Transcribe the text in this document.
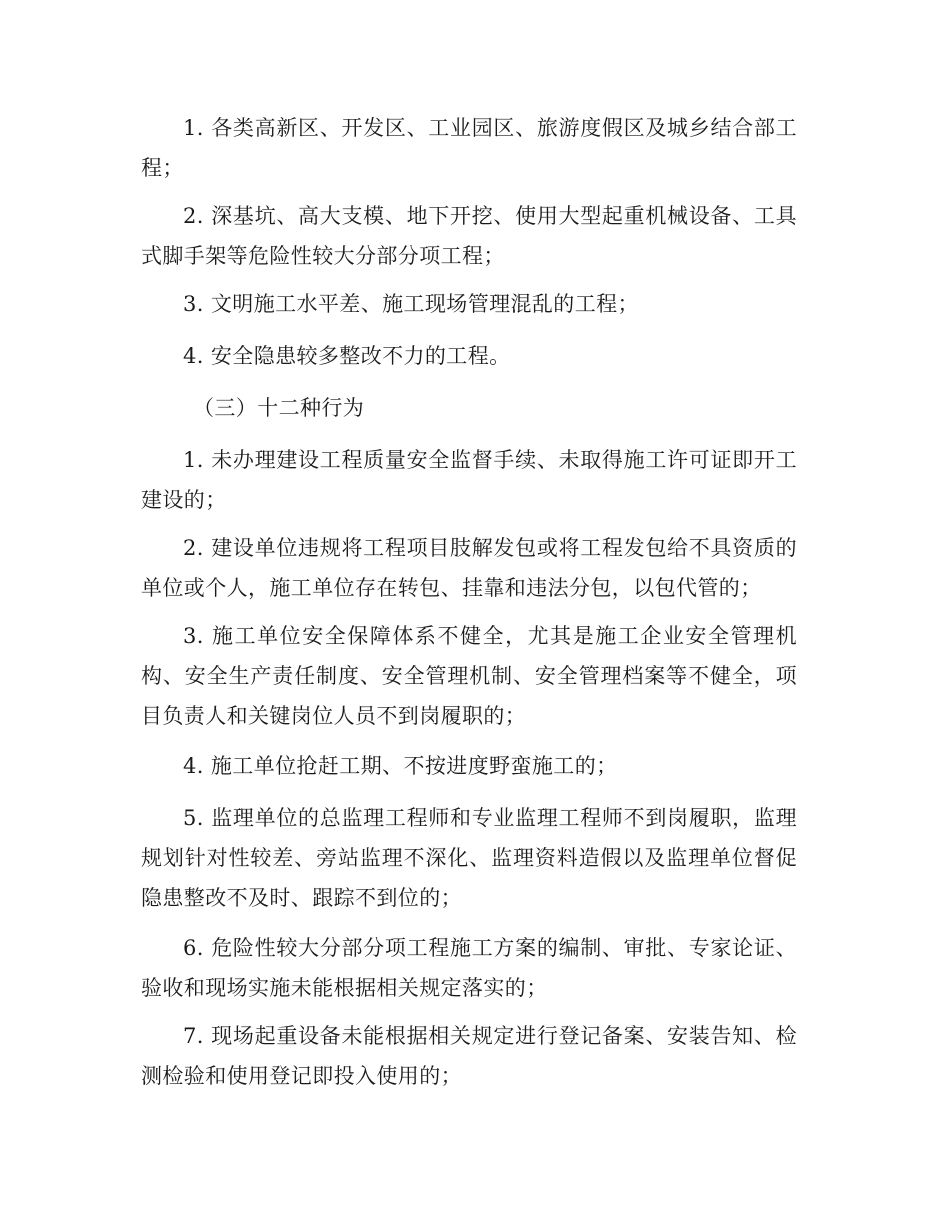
1. 各类高新区、开发区、工业园区、旅游度假区及城乡结合部工程；

2. 深基坑、高大支模、地下开挖、使用大型起重机械设备、工具式脚手架等危险性较大分部分项工程；

3. 文明施工水平差、施工现场管理混乱的工程；

4. 安全隐患较多整改不力的工程。

（三）十二种行为

1. 未办理建设工程质量安全监督手续、未取得施工许可证即开工建设的；

2. 建设单位违规将工程项目肢解发包或将工程发包给不具资质的单位或个人，施工单位存在转包、挂靠和违法分包，以包代管的；

3. 施工单位安全保障体系不健全，尤其是施工企业安全管理机构、安全生产责任制度、安全管理机制、安全管理档案等不健全，项目负责人和关键岗位人员不到岗履职的；

4. 施工单位抢赶工期、不按进度野蛮施工的；

5. 监理单位的总监理工程师和专业监理工程师不到岗履职，监理规划针对性较差、旁站监理不深化、监理资料造假以及监理单位督促隐患整改不及时、跟踪不到位的；

6. 危险性较大分部分项工程施工方案的编制、审批、专家论证、验收和现场实施未能根据相关规定落实的；

7. 现场起重设备未能根据相关规定进行登记备案、安装告知、检测检验和使用登记即投入使用的；
